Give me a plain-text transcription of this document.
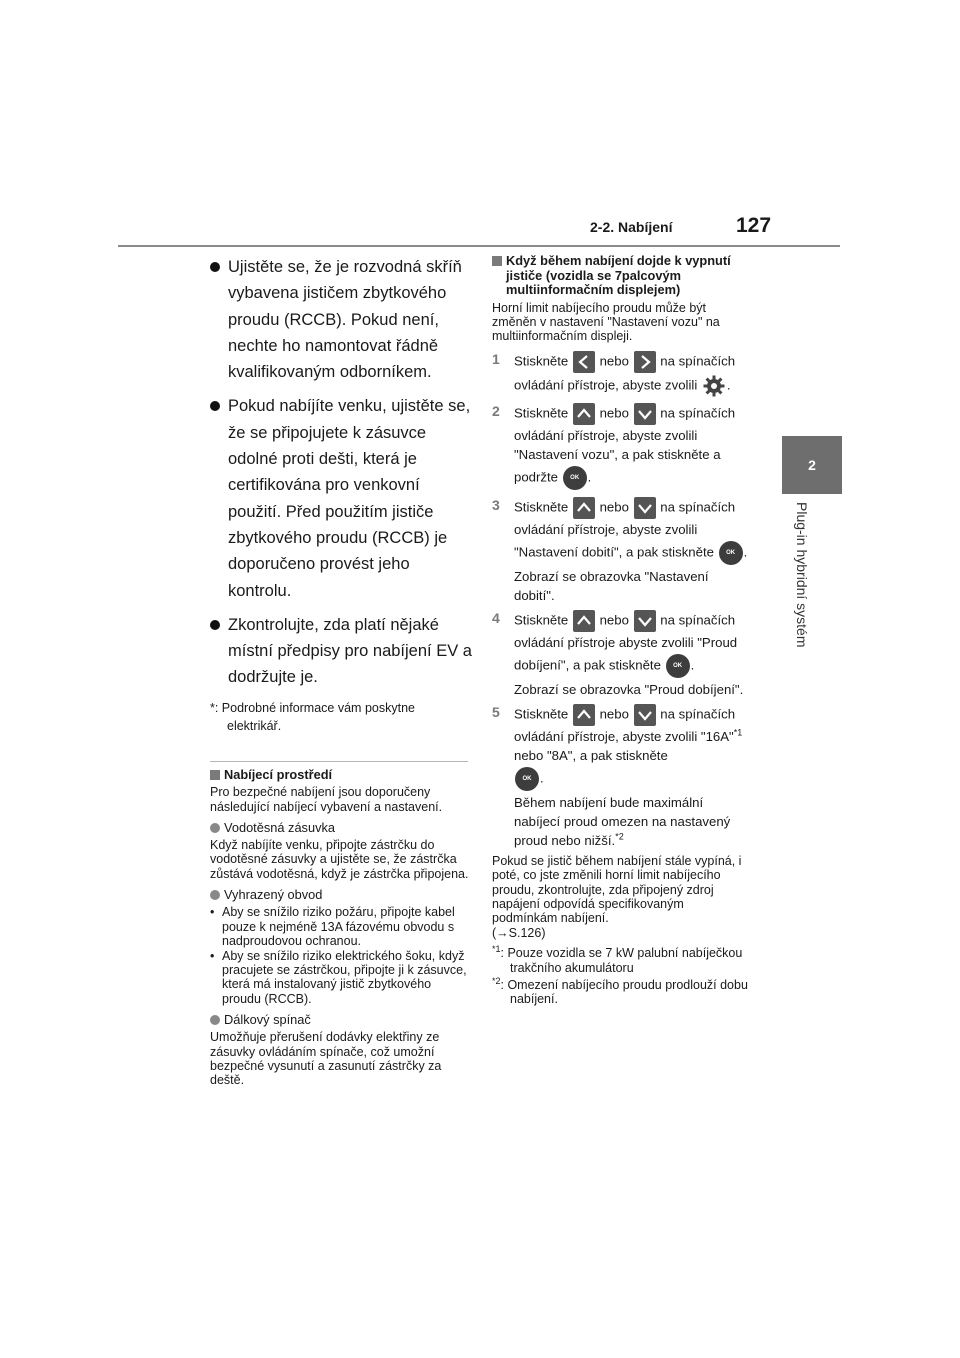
2-2. Nabíjení	127
2
Plug-in hybridní systém
Ujistěte se, že je rozvodná skříň vybavena jističem zbytkového proudu (RCCB). Pokud není, nechte ho namontovat řádně kvalifikovaným odborníkem.
Pokud nabíjíte venku, ujistěte se, že se připojujete k zásuvce odolné proti dešti, která je certifikována pro venkovní použití. Před použitím jističe zbytkového proudu (RCCB) je doporučeno provést jeho kontrolu.
Zkontrolujte, zda platí nějaké místní předpisy pro nabíjení EV a dodržujte je.
*: Podrobné informace vám poskytne elektrikář.
Nabíjecí prostředí
Pro bezpečné nabíjení jsou doporučeny následující nabíjecí vybavení a nastavení.
Vodotěsná zásuvka
Když nabíjíte venku, připojte zástrčku do vodotěsné zásuvky a ujistěte se, že zástrčka zůstává vodotěsná, když je zástrčka připojena.
Vyhrazený obvod
• Aby se snížilo riziko požáru, připojte kabel pouze k nejméně 13A fázovému obvodu s nadproudovou ochranou.
• Aby se snížilo riziko elektrického šoku, když pracujete se zástrčkou, připojte ji k zásuvce, která má instalovaný jistič zbytkového proudu (RCCB).
Dálkový spínač
Umožňuje přerušení dodávky elektřiny ze zásuvky ovládáním spínače, což umožní bezpečné vysunutí a zasunutí zástrčky za deště.
Když během nabíjení dojde k vypnutí jističe (vozidla se 7palcovým multiinformačním displejem)
Horní limit nabíjecího proudu může být změněn v nastavení "Nastavení vozu" na multiinformačním displeji.
1 Stiskněte nebo na spínačích ovládání přístroje, abyste zvolili .
2 Stiskněte nebo na spínačích ovládání přístroje, abyste zvolili "Nastavení vozu", a pak stiskněte a podržte OK .
3 Stiskněte nebo na spínačích ovládání přístroje, abyste zvolili "Nastavení dobití", a pak stiskněte OK .
Zobrazí se obrazovka "Nastavení dobití".
4 Stiskněte nebo na spínačích ovládání přístroje abyste zvolili "Proud dobíjení", a pak stiskněte OK .
Zobrazí se obrazovka "Proud dobíjení".
5 Stiskněte nebo na spínačích ovládání přístroje, abyste zvolili "16A"$^{*1}$ nebo "8A", a pak stiskněte
OK .
Během nabíjení bude maximální nabíjecí proud omezen na nastavený proud nebo nižší.$^{*2}$
Pokud se jistič během nabíjení stále vypíná, i poté, co jste změnili horní limit nabíjecího proudu, zkontrolujte, zda připojený zdroj napájení odpovídá specifikovaným podmínkám nabíjení.
(→S.126)
$^{*1}$: Pouze vozidla se 7 kW palubní nabíječkou trakčního akumulátoru
$^{*2}$: Omezení nabíjecího proudu prodlouží dobu nabíjení.
